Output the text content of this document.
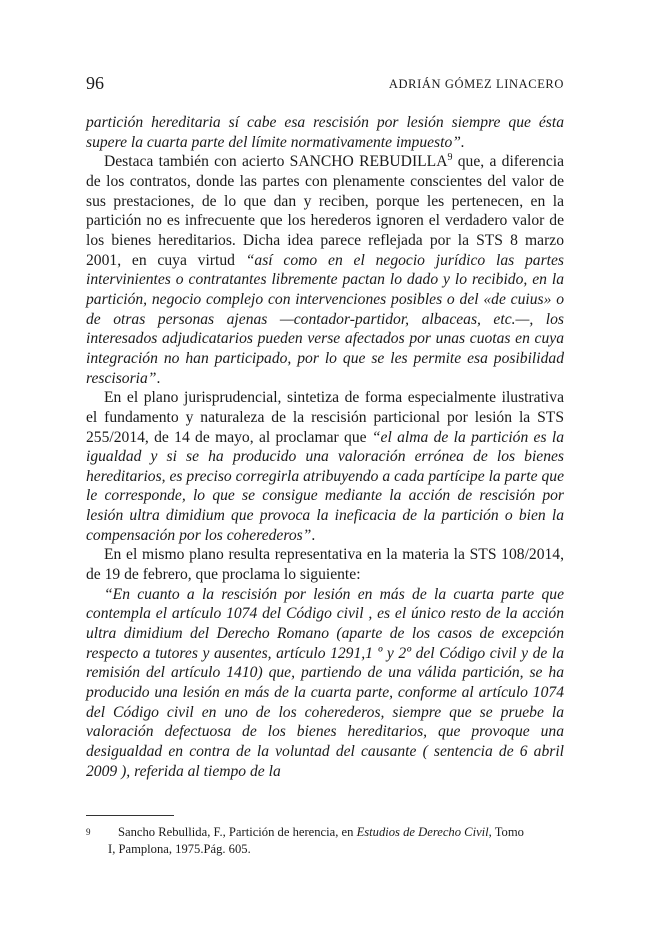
96	ADRIÁN GÓMEZ LINACERO

partición hereditaria sí cabe esa rescisión por lesión siempre que ésta supere la cuarta parte del límite normativamente impuesto”.

Destaca también con acierto SANCHO REBUDILLA$^9$ que, a diferencia de los contratos, donde las partes con plenamente conscientes del valor de sus prestaciones, de lo que dan y reciben, porque les pertenecen, en la partición no es infrecuente que los herederos ignoren el verdadero valor de los bienes hereditarios. Dicha idea parece reflejada por la STS 8 marzo 2001, en cuya virtud “así como en el negocio jurídico las partes intervinientes o contratantes libremente pactan lo dado y lo recibido, en la partición, negocio complejo con intervenciones posibles o del «de cuius» o de otras personas ajenas —contador-partidor, albaceas, etc.—, los interesados adjudicatarios pueden verse afectados por unas cuotas en cuya integración no han participado, por lo que se les permite esa posibilidad rescisoria”.

En el plano jurisprudencial, sintetiza de forma especialmente ilustrativa el fundamento y naturaleza de la rescisión particional por lesión la STS 255/2014, de 14 de mayo, al proclamar que “el alma de la partición es la igualdad y si se ha producido una valoración errónea de los bienes hereditarios, es preciso corregirla atribuyendo a cada partícipe la parte que le corresponde, lo que se consigue mediante la acción de rescisión por lesión ultra dimidium que provoca la ineficacia de la partición o bien la compensación por los coherederos”.

En el mismo plano resulta representativa en la materia la STS 108/2014, de 19 de febrero, que proclama lo siguiente:

“En cuanto a la rescisión por lesión en más de la cuarta parte que contempla el artículo 1074 del Código civil , es el único resto de la acción ultra dimidium del Derecho Romano (aparte de los casos de excepción respecto a tutores y ausentes, artículo 1291,1 º y 2º del Código civil y de la remisión del artículo 1410) que, partiendo de una válida partición, se ha producido una lesión en más de la cuarta parte, conforme al artículo 1074 del Código civil en uno de los coherederos, siempre que se pruebe la valoración defectuosa de los bienes hereditarios, que provoque una desigualdad en contra de la voluntad del causante ( sentencia de 6 abril 2009 ), referida al tiempo de la

9	Sancho Rebullida, F., Partición de herencia, en Estudios de Derecho Civil, Tomo
I, Pamplona, 1975.Pág. 605.
